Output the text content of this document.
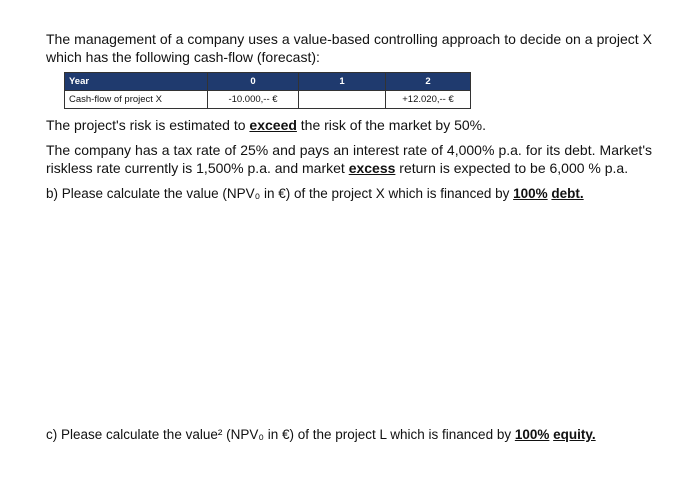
The management of a company uses a value-based controlling approach to decide on a project X which has the following cash-flow (forecast):

Year	0	1	2
Cash-flow of project X	-10.000,-- €		+12.020,-- €

The project's risk is estimated to exceed the risk of the market by 50%.

The company has a tax rate of 25% and pays an interest rate of 4,000% p.a. for its debt. Market's riskless rate currently is 1,500% p.a. and market excess return is expected to be 6,000 % p.a.

b) Please calculate the value (NPV₀ in €) of the project X which is financed by 100% debt.

c) Please calculate the value² (NPV₀ in €) of the project L which is financed by 100% equity.
